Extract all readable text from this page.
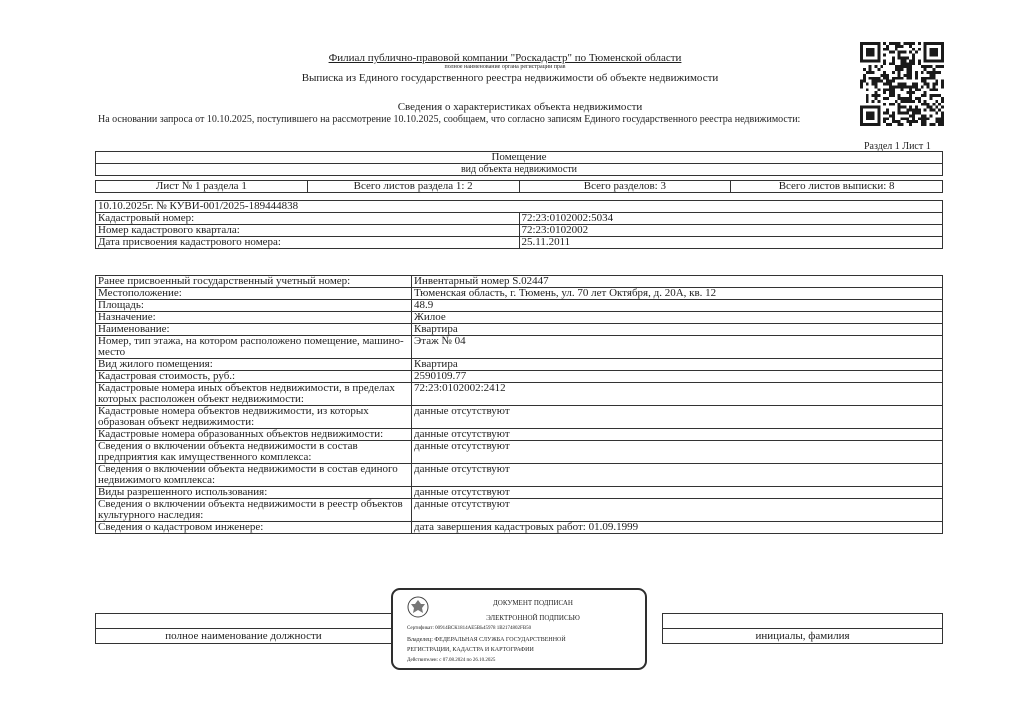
Филиал публично-правовой компании "Роскадастр" по Тюменской области
полное наименование органа регистрации прав
Выписка из Единого государственного реестра недвижимости об объекте недвижимости
Сведения о характеристиках объекта недвижимости
На основании запроса от 10.10.2025, поступившего на рассмотрение 10.10.2025, сообщаем, что согласно записям Единого государственного реестра недвижимости:
Раздел 1 Лист 1
Помещение
вид объекта недвижимости

Лист № 1 раздела 1	Всего листов раздела 1: 2	Всего разделов: 3	Всего листов выписки: 8
10.10.2025г. № КУВИ-001/2025-189444838	
Кадастровый номер:	72:23:0102002:5034
Номер кадастрового квартала:	72:23:0102002
Дата присвоения кадастрового номера:	25.11.2011
Ранее присвоенный государственный учетный номер:	Инвентарный номер S.02447
Местоположение:	Тюменская область, г. Тюмень, ул. 70 лет Октября, д. 20А, кв. 12
Площадь:	48.9
Назначение:	Жилое
Наименование:	Квартира
Номер, тип этажа, на котором расположено помещение, машино-место	Этаж № 04
Вид жилого помещения:	Квартира
Кадастровая стоимость, руб.:	2590109.77
Кадастровые номера иных объектов недвижимости, в пределах которых расположен объект недвижимости:	72:23:0102002:2412
Кадастровые номера объектов недвижимости, из которых образован объект недвижимости:	данные отсутствуют
Кадастровые номера образованных объектов недвижимости:	данные отсутствуют
Сведения о включении объекта недвижимости в состав предприятия как имущественного комплекса:	данные отсутствуют
Сведения о включении объекта недвижимости в состав единого недвижимого комплекса:	данные отсутствуют
Виды разрешенного использования:	данные отсутствуют
Сведения о включении объекта недвижимости в реестр объектов культурного наследия:	данные отсутствуют
Сведения о кадастровом инженере:	дата завершения кадастровых работ: 01.09.1999

полное наименование должности		инициалы, фамилия
ДОКУМЕНТ ПОДПИСАН
ЭЛЕКТРОННОЙ ПОДПИСЬЮ
Сертификат: 00914BСК1814АЕ5ВЬ45978 1В2174802FB50
Владелец: ФЕДЕРАЛЬНАЯ СЛУЖБА ГОСУДАРСТВЕННОЙ
РЕГИСТРАЦИИ, КАДАСТРА И КАРТОГРАФИИ
Действителен: с 07.08.2024 по 26.10.2025
